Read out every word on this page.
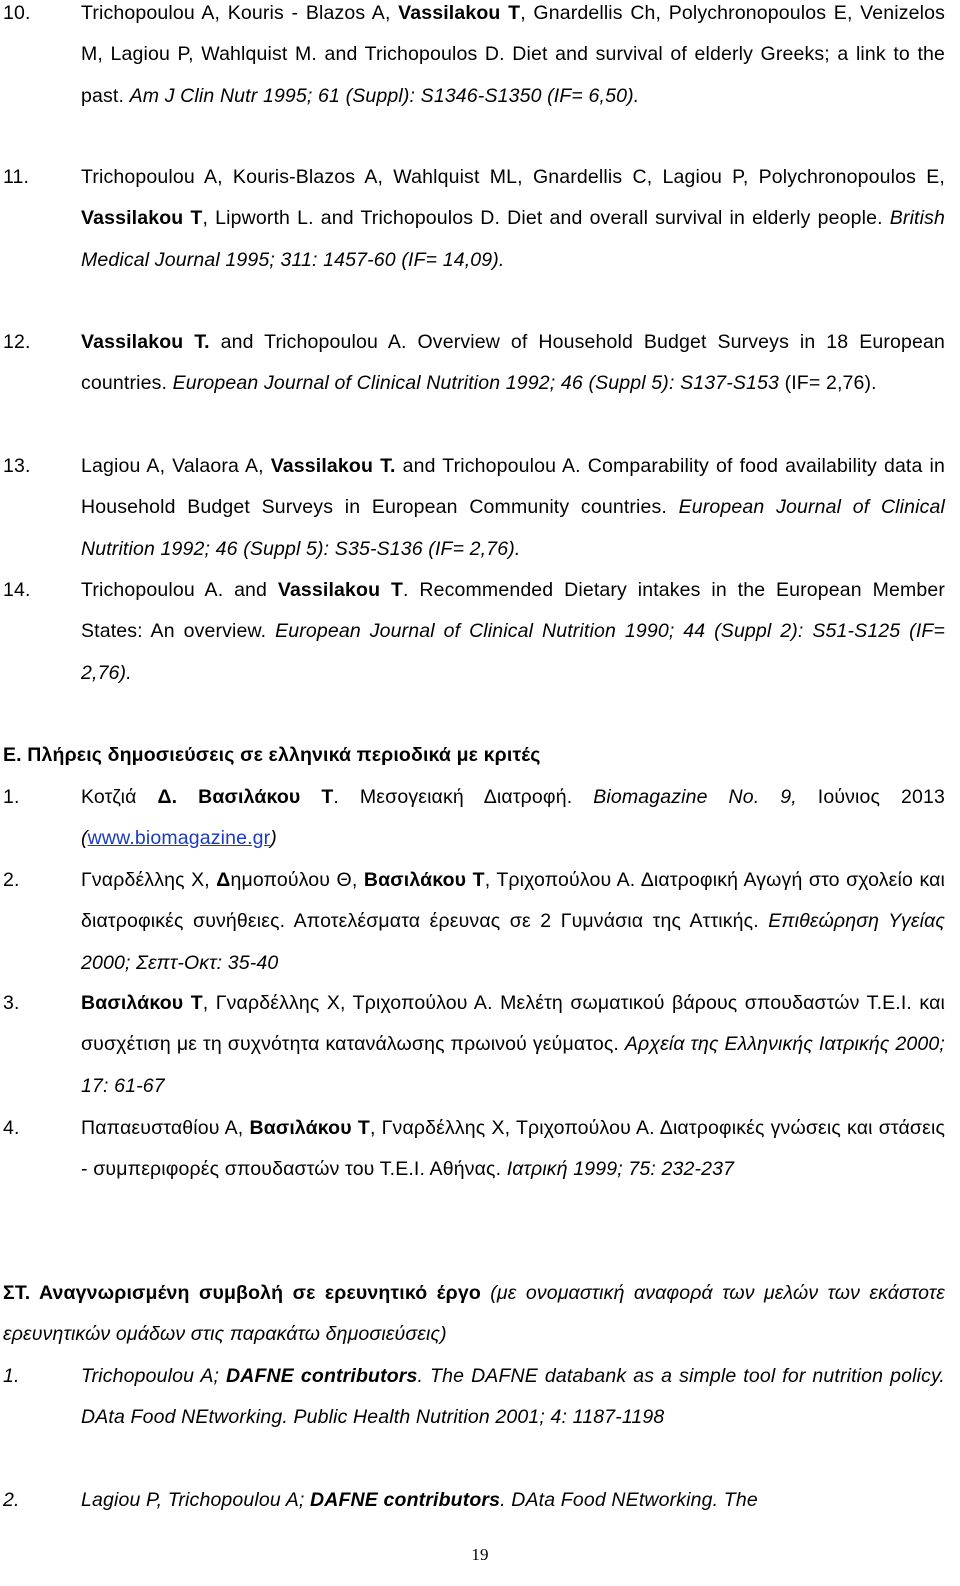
10.	Trichopoulou A, Kouris - Blazos A, Vassilakou T, Gnardellis Ch, Polychronopoulos E, Venizelos M, Lagiou P, Wahlquist M. and Trichopoulos D. Diet and survival of elderly Greeks; a link to the past. Am J Clin Nutr 1995; 61 (Suppl): S1346-S1350 (IF= 6,50).
11.	Trichopoulou A, Kouris-Blazos A, Wahlquist ML, Gnardellis C, Lagiou P, Polychronopoulos E, Vassilakou T, Lipworth L. and Trichopoulos D. Diet and overall survival in elderly people. British Medical Journal 1995; 311: 1457-60 (IF= 14,09).
12.	Vassilakou T. and Trichopoulou A. Overview of Household Budget Surveys in 18 European countries. European Journal of Clinical Nutrition 1992; 46 (Suppl 5): S137-S153 (IF= 2,76).
13.	Lagiou A, Valaora A, Vassilakou T. and Trichopoulou A. Comparability of food availability data in Household Budget Surveys in European Community countries. European Journal of Clinical Nutrition 1992; 46 (Suppl 5): S35-S136 (IF= 2,76).
14.	Trichopoulou A. and Vassilakou T. Recommended Dietary intakes in the European Member States: An overview. European Journal of Clinical Nutrition 1990; 44 (Suppl 2): S51-S125 (IF= 2,76).
Ε. Πλήρεις δημοσιεύσεις σε ελληνικά περιοδικά με κριτές
1.	Κοτζιά Δ. Βασιλάκου Τ. Μεσογειακή Διατροφή. Biomagazine No. 9, Ιούνιος 2013 (www.biomagazine.gr)
2.	Γναρδέλλης Χ, Δημοπούλου Θ, Βασιλάκου Τ, Τριχοπούλου Α. Διατροφική Αγωγή στο σχολείο και διατροφικές συνήθειες. Αποτελέσματα έρευνας σε 2 Γυμνάσια της Αττικής. Επιθεώρηση Υγείας 2000; Σεπτ-Οκτ: 35-40
3.	Βασιλάκου Τ, Γναρδέλλης Χ, Τριχοπούλου Α. Μελέτη σωματικού βάρους σπουδαστών Τ.Ε.Ι. και συσχέτιση με τη συχνότητα κατανάλωσης πρωινού γεύματος. Αρχεία της Ελληνικής Ιατρικής 2000; 17: 61-67
4.	Παπαευσταθίου Α, Βασιλάκου Τ, Γναρδέλλης Χ, Τριχοπούλου Α. Διατροφικές γνώσεις και στάσεις - συμπεριφορές σπουδαστών του Τ.Ε.Ι. Αθήνας. Ιατρική 1999; 75: 232-237
ΣΤ. Αναγνωρισμένη συμβολή σε ερευνητικό έργο (με ονομαστική αναφορά των μελών των εκάστοτε ερευνητικών ομάδων στις παρακάτω δημοσιεύσεις)
1.	Trichopoulou A; DAFNE contributors. The DAFNE databank as a simple tool for nutrition policy. DAta Food NEtworking. Public Health Nutrition 2001; 4: 1187-1198
2.	Lagiou P, Trichopoulou A; DAFNE contributors. DAta Food NEtworking. The
19
